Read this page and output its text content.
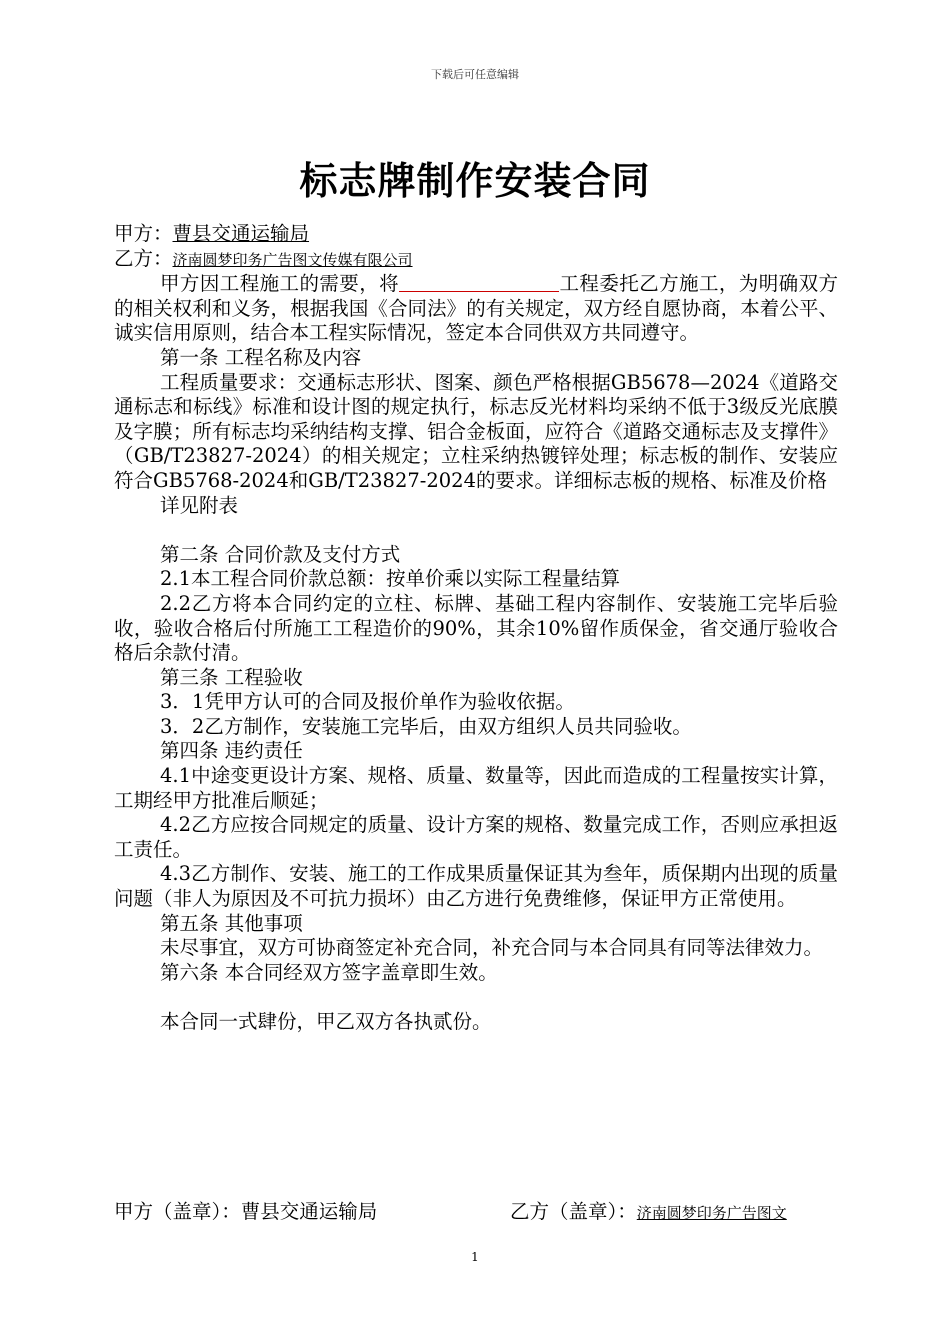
下载后可任意编辑
标志牌制作安装合同

甲方：曹县交通运输局

乙方：济南圆梦印务广告图文传媒有限公司

甲方因工程施工的需要，将	工程委托乙方施工，为明确双方的相关权利和义务，根据我国《合同法》的有关规定，双方经自愿协商，本着公平、诚实信用原则，结合本工程实际情况，签定本合同供双方共同遵守。

第一条 工程名称及内容

工程质量要求：交通标志形状、图案、颜色严格根据GB5678—2024《道路交通标志和标线》标准和设计图的规定执行，标志反光材料均采纳不低于3级反光底膜及字膜；所有标志均采纳结构支撑、铝合金板面，应符合《道路交通标志及支撑件》（GB/T23827-2024）的相关规定；立柱采纳热镀锌处理；标志板的制作、安装应符合GB5768-2024和GB/T23827-2024的要求。详细标志板的规格、标准及价格

详见附表

第二条 合同价款及支付方式

2.1本工程合同价款总额：按单价乘以实际工程量结算

2.2乙方将本合同约定的立柱、标牌、基础工程内容制作、安装施工完毕后验收，验收合格后付所施工工程造价的90%，其余10%留作质保金，省交通厅验收合格后余款付清。

第三条 工程验收

3．1凭甲方认可的合同及报价单作为验收依据。

3．2乙方制作，安装施工完毕后，由双方组织人员共同验收。

第四条 违约责任

4.1中途变更设计方案、规格、质量、数量等，因此而造成的工程量按实计算，工期经甲方批准后顺延；

4.2乙方应按合同规定的质量、设计方案的规格、数量完成工作，否则应承担返工责任。

4.3乙方制作、安装、施工的工作成果质量保证其为叁年，质保期内出现的质量问题（非人为原因及不可抗力损坏）由乙方进行免费维修，保证甲方正常使用。

第五条 其他事项

未尽事宜，双方可协商签定补充合同，补充合同与本合同具有同等法律效力。

第六条 本合同经双方签字盖章即生效。

本合同一式肆份，甲乙双方各执贰份。

甲方（盖章）：曹县交通运输局	乙方（盖章）：济南圆梦印务广告图文
1
